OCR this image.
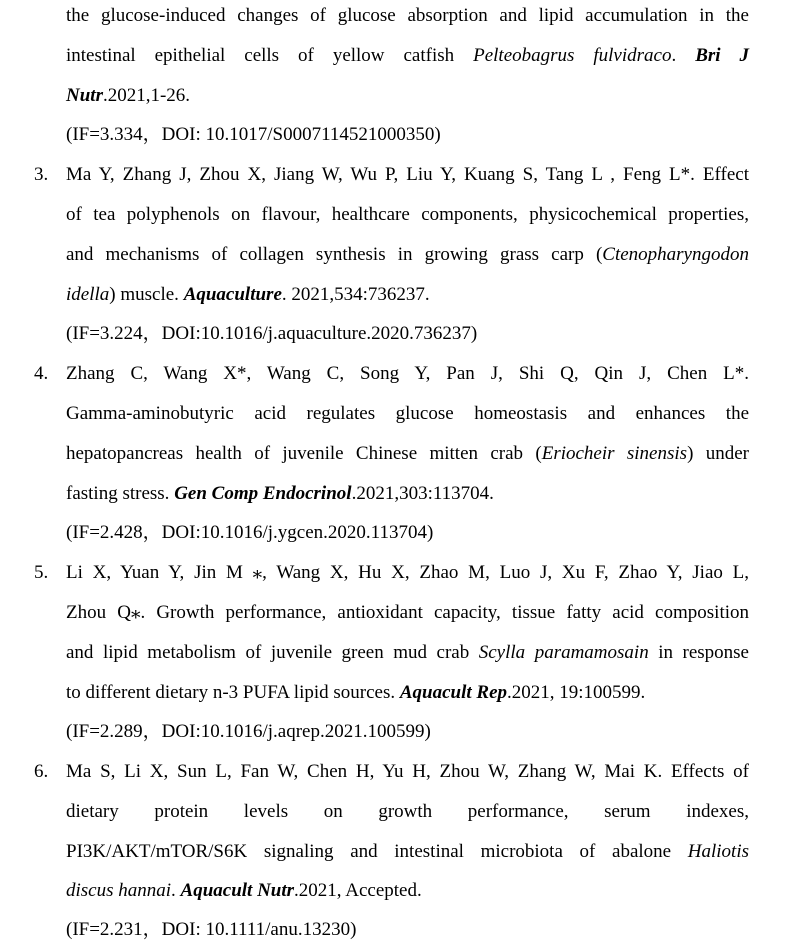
the glucose-induced changes of glucose absorption and lipid accumulation in the
intestinal epithelial cells of yellow catfish Pelteobagrus fulvidraco. Bri J
Nutr.2021,1-26.
(IF=3.334，DOI: 10.1017/S0007114521000350)
3. Ma Y, Zhang J, Zhou X, Jiang W, Wu P, Liu Y, Kuang S, Tang L , Feng L*. Effect
of tea polyphenols on flavour, healthcare components, physicochemical properties,
and mechanisms of collagen synthesis in growing grass carp (Ctenopharyngodon
idella) muscle. Aquaculture. 2021,534:736237.
(IF=3.224，DOI:10.1016/j.aquaculture.2020.736237)
4. Zhang C, Wang X*, Wang C, Song Y, Pan J, Shi Q, Qin J, Chen L*.
Gamma-aminobutyric acid regulates glucose homeostasis and enhances the
hepatopancreas health of juvenile Chinese mitten crab (Eriocheir sinensis) under
fasting stress. Gen Comp Endocrinol.2021,303:113704.
(IF=2.428，DOI:10.1016/j.ygcen.2020.113704)
5. Li X, Yuan Y, Jin M ⁎, Wang X, Hu X, Zhao M, Luo J, Xu F, Zhao Y, Jiao L,
Zhou Q⁎. Growth performance, antioxidant capacity, tissue fatty acid composition
and lipid metabolism of juvenile green mud crab Scylla paramamosain in response
to different dietary n-3 PUFA lipid sources. Aquacult Rep.2021, 19:100599.
(IF=2.289，DOI:10.1016/j.aqrep.2021.100599)
6. Ma S, Li X, Sun L, Fan W, Chen H, Yu H, Zhou W, Zhang W, Mai K. Effects of
dietary protein levels on growth performance, serum indexes,
PI3K/AKT/mTOR/S6K signaling and intestinal microbiota of abalone Haliotis
discus hannai. Aquacult Nutr.2021, Accepted.
(IF=2.231，DOI: 10.1111/anu.13230)
